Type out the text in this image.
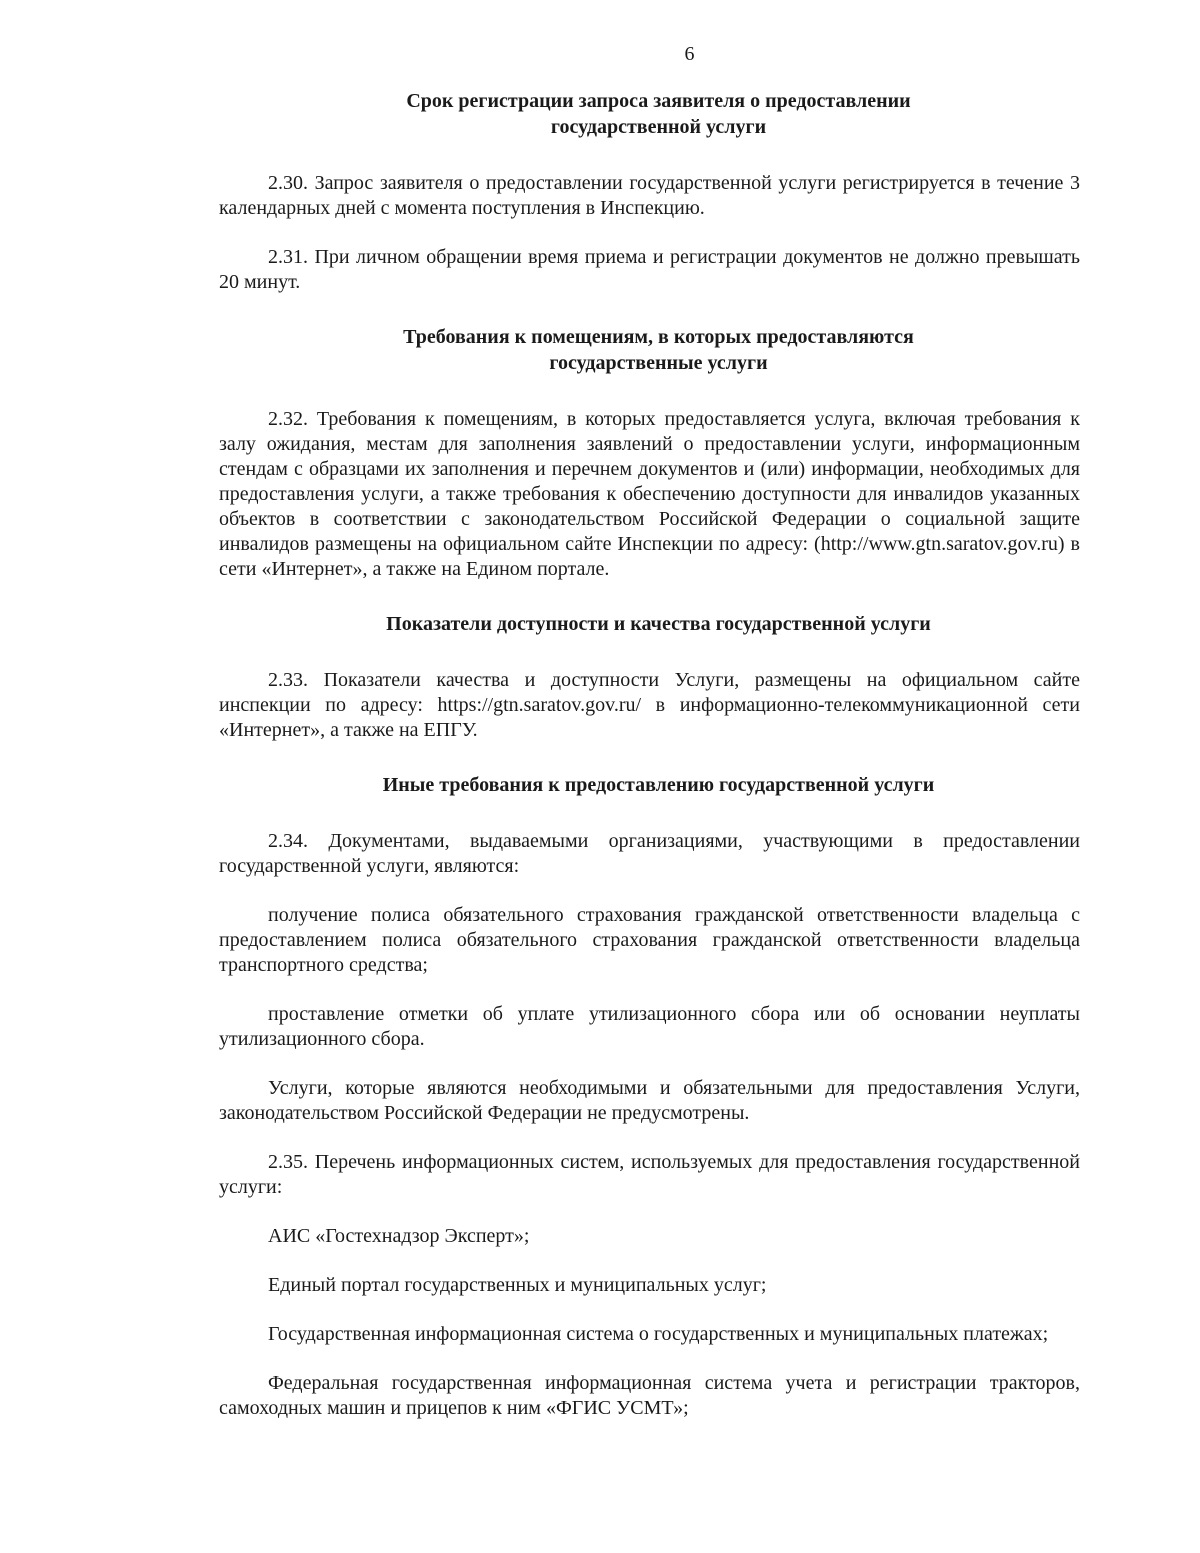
6
Срок регистрации запроса заявителя о предоставлении
государственной услуги

2.30. Запрос заявителя о предоставлении государственной услуги регистрируется в течение 3 календарных дней с момента поступления в Инспекцию.

2.31. При личном обращении время приема и регистрации документов не должно превышать 20 минут.

Требования к помещениям, в которых предоставляются
государственные услуги

2.32. Требования к помещениям, в которых предоставляется услуга, включая требования к залу ожидания, местам для заполнения заявлений о предоставлении услуги, информационным стендам с образцами их заполнения и перечнем документов и (или) информации, необходимых для предоставления услуги, а также требования к обеспечению доступности для инвалидов указанных объектов в соответствии с законодательством Российской Федерации о социальной защите инвалидов размещены на официальном сайте Инспекции по адресу: (http://www.gtn.saratov.gov.ru) в сети «Интернет», а также на Едином портале.

Показатели доступности и качества государственной услуги

2.33. Показатели качества и доступности Услуги, размещены на официальном сайте инспекции по адресу: https://gtn.saratov.gov.ru/ в информационно-телекоммуникационной сети «Интернет», а также на ЕПГУ.

Иные требования к предоставлению государственной услуги

2.34. Документами, выдаваемыми организациями, участвующими в предоставлении государственной услуги, являются:

получение полиса обязательного страхования гражданской ответственности владельца с предоставлением полиса обязательного страхования гражданской ответственности владельца транспортного средства;

проставление отметки об уплате утилизационного сбора или об основании неуплаты утилизационного сбора.

Услуги, которые являются необходимыми и обязательными для предоставления Услуги, законодательством Российской Федерации не предусмотрены.

2.35. Перечень информационных систем, используемых для предоставления государственной услуги:

АИС «Гостехнадзор Эксперт»;

Единый портал государственных и муниципальных услуг;

Государственная информационная система о государственных и муниципальных платежах;

Федеральная государственная информационная система учета и регистрации тракторов, самоходных машин и прицепов к ним «ФГИС УСМТ»;
